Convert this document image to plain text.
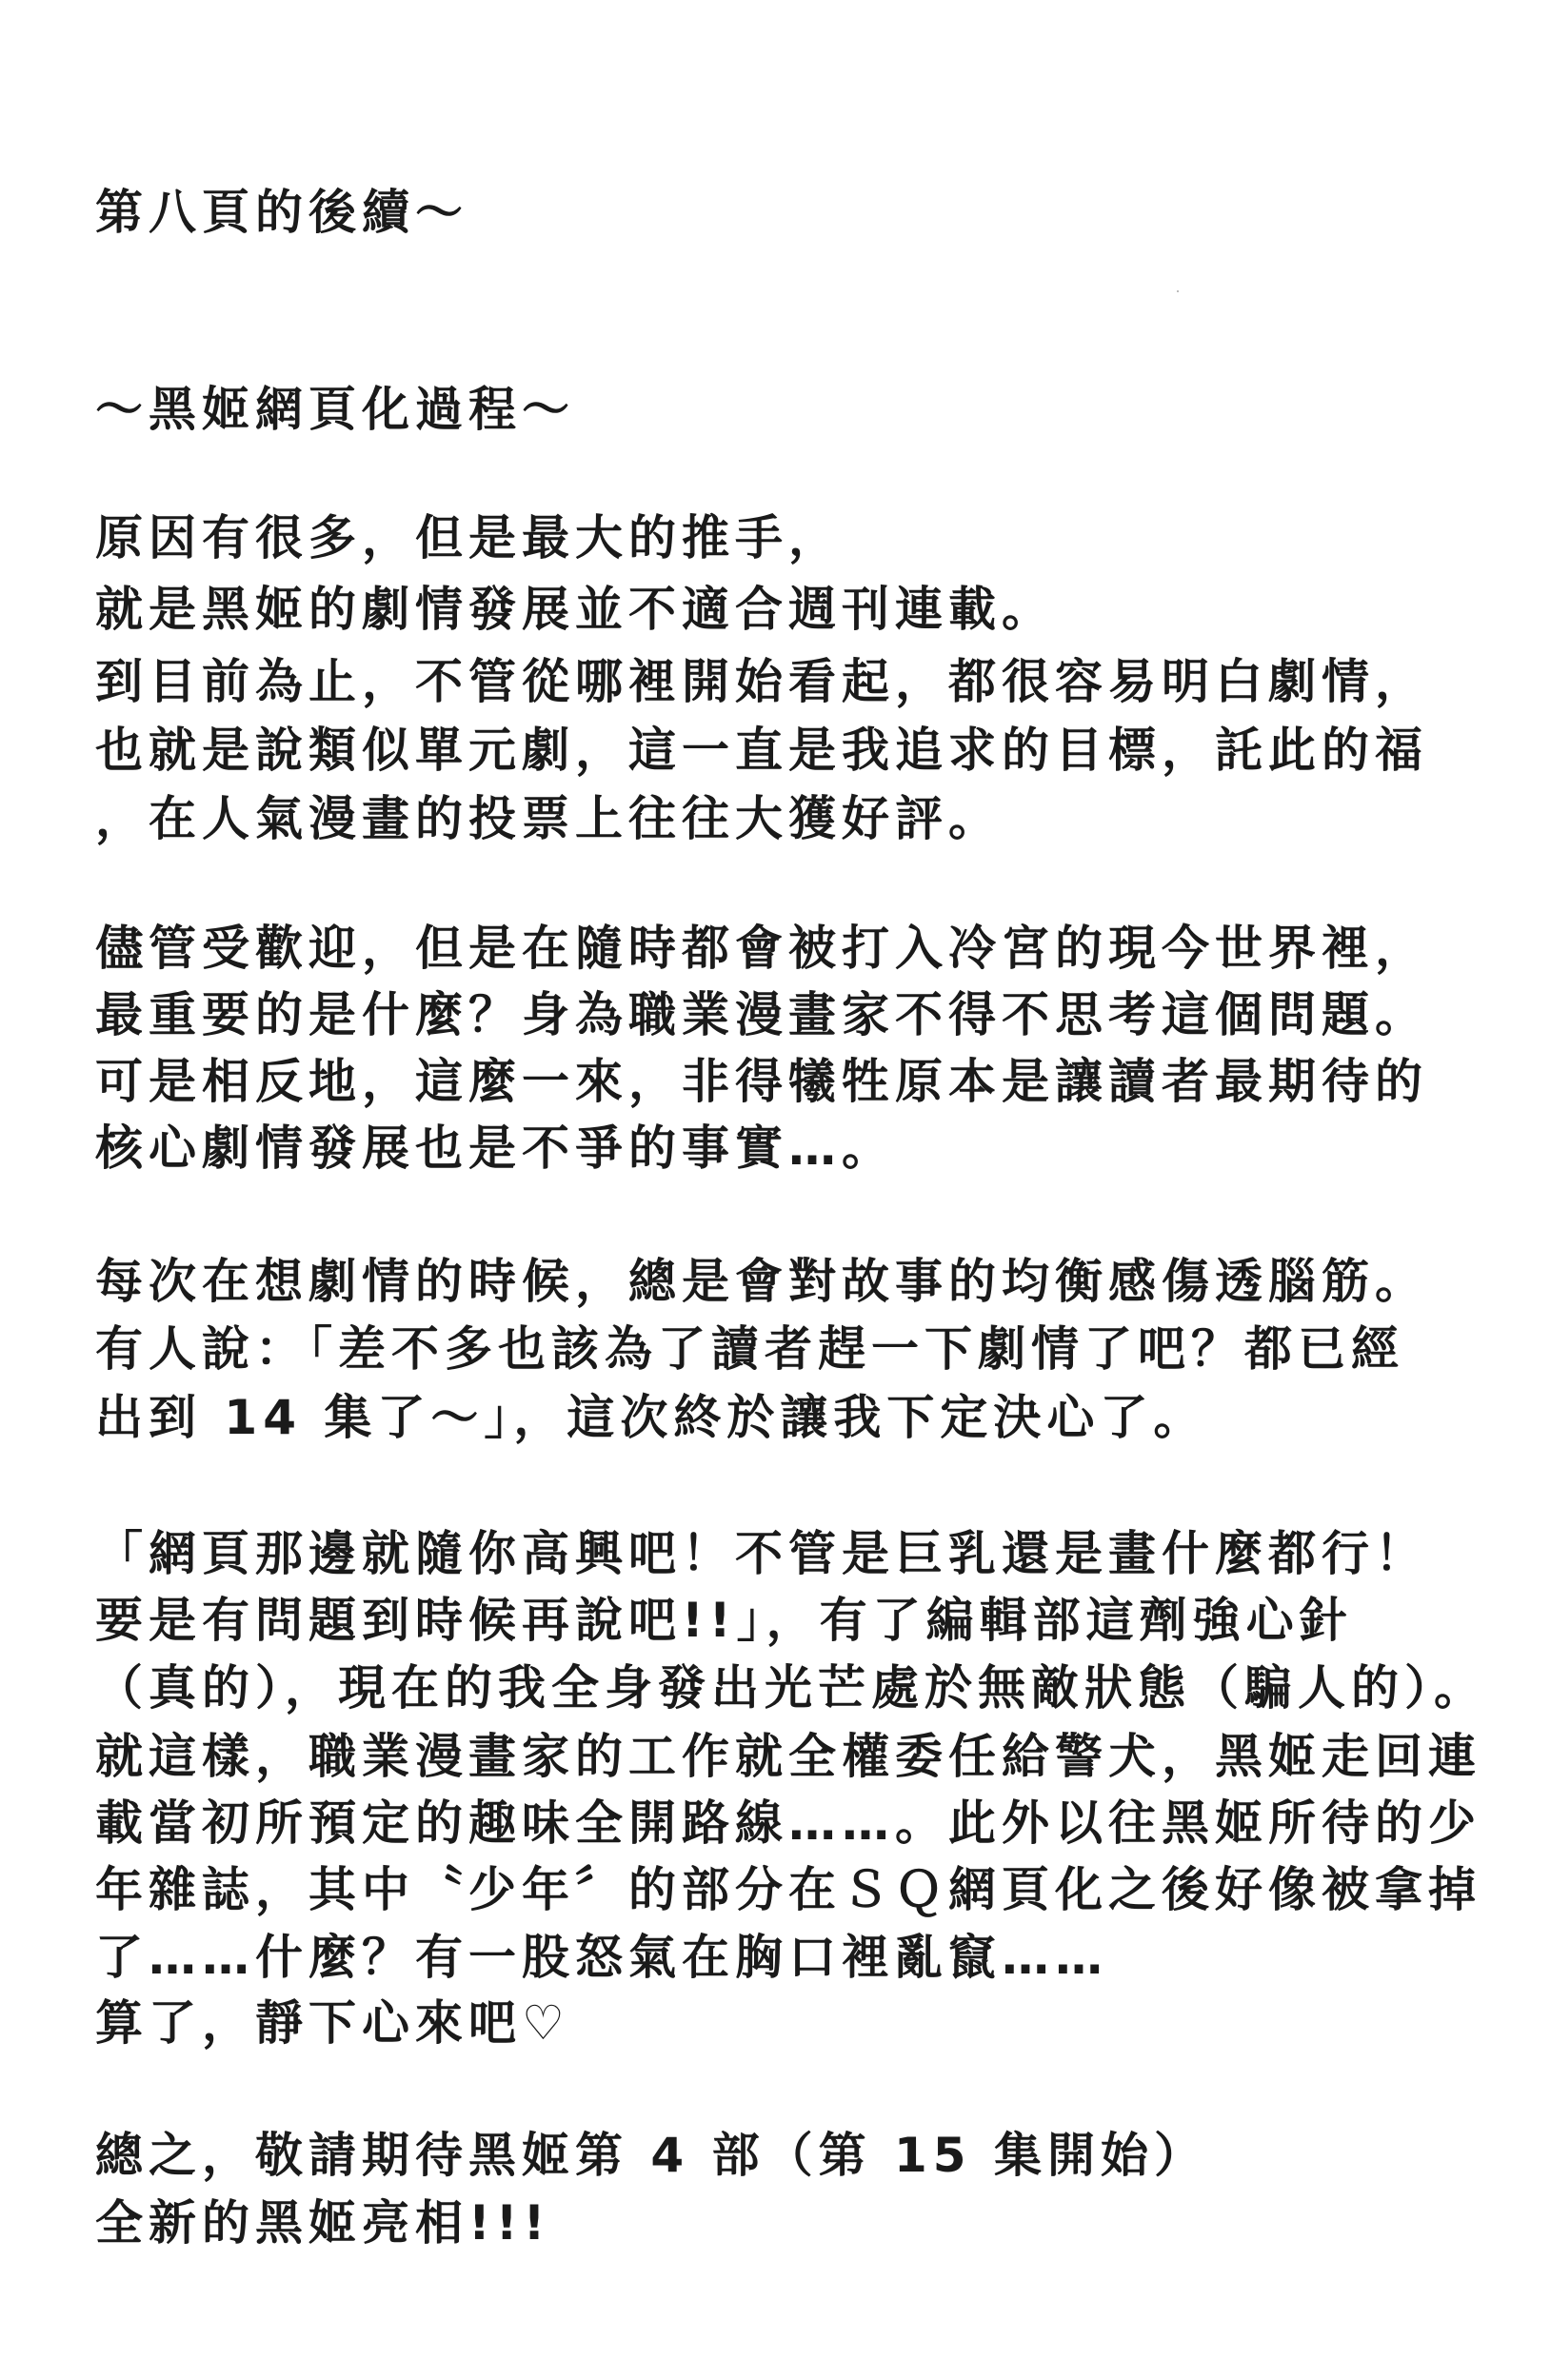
第八頁的後續～
～黑姬網頁化過程～
原因有很多，但是最大的推手，
就是黑姬的劇情發展並不適合週刊連載。
到目前為止，不管從哪裡開始看起，都很容易明白劇情，
也就是說類似單元劇，這一直是我追求的目標，託此的福
，在人氣漫畫的投票上往往大獲好評。
儘管受歡迎，但是在隨時都會被打入冷宮的現今世界裡，
最重要的是什麼？身為職業漫畫家不得不思考這個問題。
可是相反地，這麼一來，非得犧牲原本是讓讀者最期待的
核心劇情發展也是不爭的事實…。
每次在想劇情的時候，總是會對故事的均衡感傷透腦筋。
有人說：「差不多也該為了讀者趕一下劇情了吧？都已經
出到 14 集了～」，這次終於讓我下定決心了。
「網頁那邊就隨你高興吧！不管是巨乳還是畫什麼都行！
要是有問題到時候再說吧!!」，有了編輯部這劑強心針
（真的），現在的我全身發出光芒處於無敵狀態（騙人的）。
就這樣，職業漫畫家的工作就全權委任給警犬，黑姬走回連
載當初所預定的趣味全開路線……。此外以往黑姬所待的少
年雜誌，其中〝少年〞的部分在ＳＱ網頁化之後好像被拿掉
了……什麼？有一股怒氣在胸口裡亂竄……
算了，靜下心來吧♡
總之，敬請期待黑姬第 4 部（第 15 集開始）
全新的黑姬亮相!!!
